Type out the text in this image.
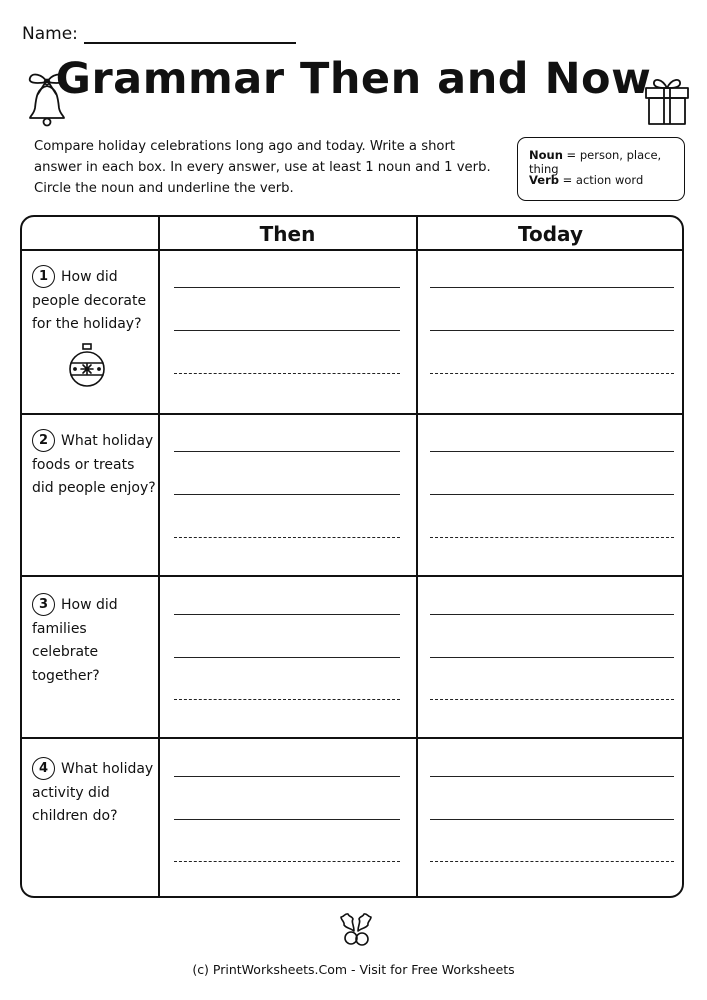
Name:
Grammar Then and Now
Compare holiday celebrations long ago and today. Write a short answer in each box. In every answer, use at least 1 noun and 1 verb. Circle the noun and underline the verb.
Noun = person, place, thing
Verb = action word
Then	Today
1 How did people decorate for the holiday?
2 What holiday foods or treats did people enjoy?
3 How did families celebrate together?
4 What holiday activity did children do?
(c) PrintWorksheets.Com - Visit for Free Worksheets
